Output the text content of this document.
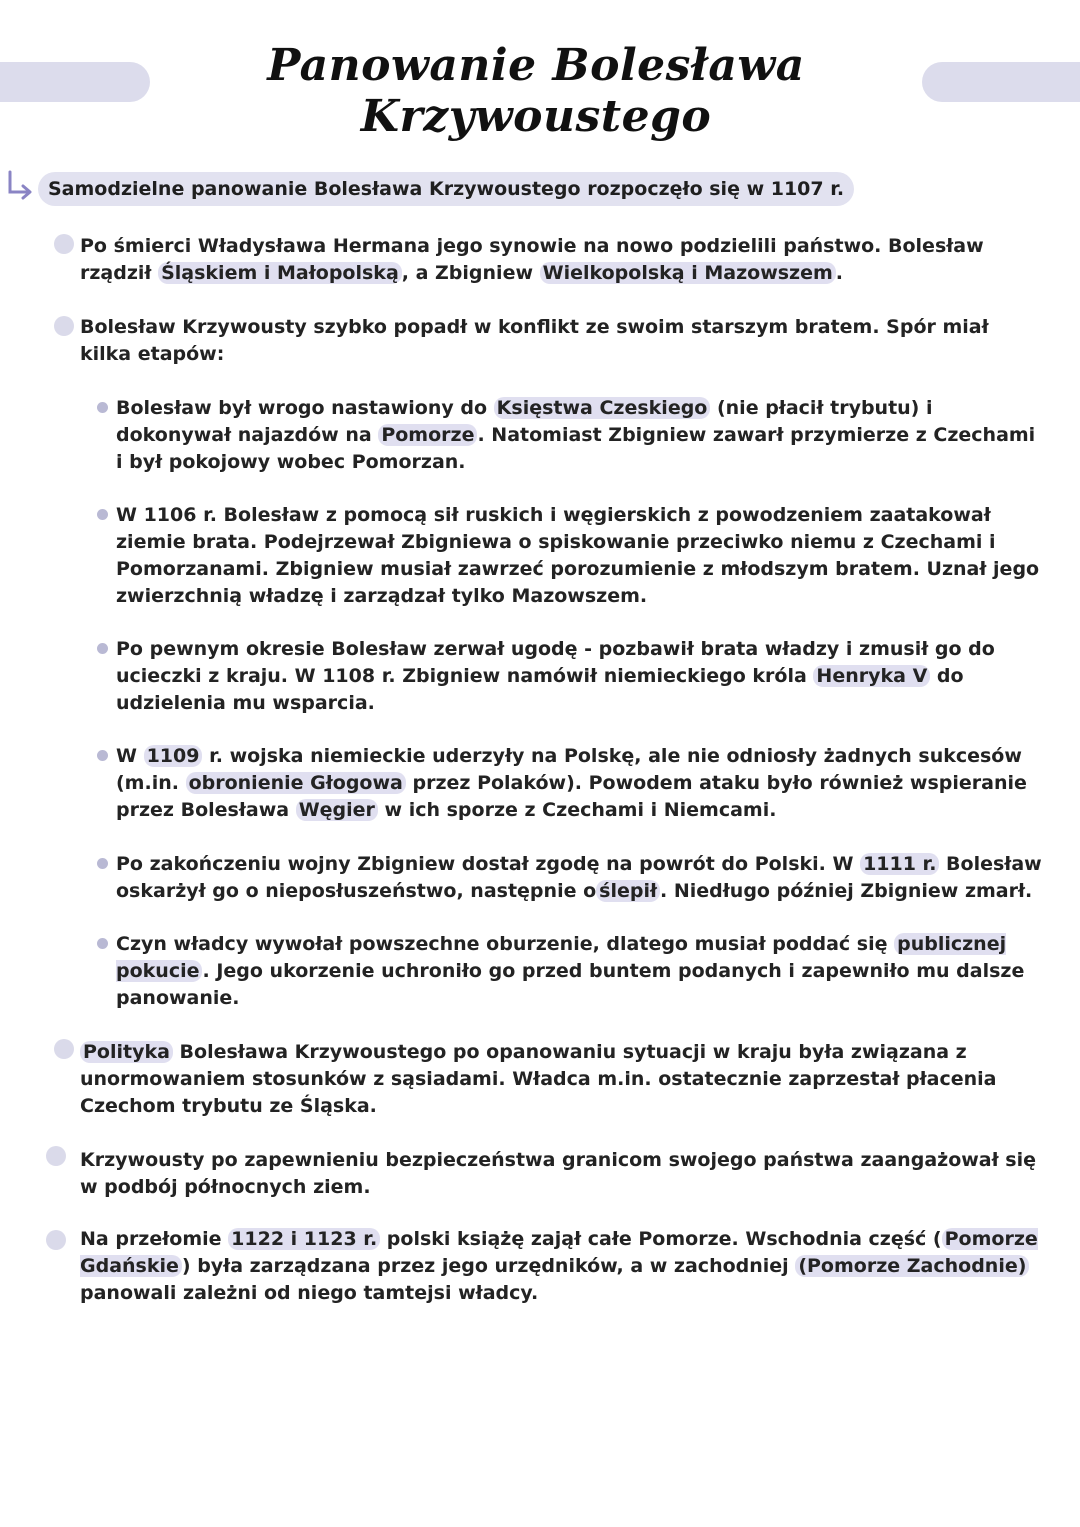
Panowanie Bolesława Krzywoustego
Samodzielne panowanie Bolesława Krzywoustego rozpoczęło się w 1107 r.
Po śmierci Władysława Hermana jego synowie na nowo podzielili państwo. Bolesław rządził Śląskiem i Małopolską , a Zbigniew Wielkopolską i Mazowszem .
Bolesław Krzywousty szybko popadł w konflikt ze swoim starszym bratem. Spór miał kilka etapów:
Bolesław był wrogo nastawiony do Księstwa Czeskiego (nie płacił trybutu) i dokonywał najazdów na Pomorze . Natomiast Zbigniew zawarł przymierze z Czechami i był pokojowy wobec Pomorzan.
W 1106 r. Bolesław z pomocą sił ruskich i węgierskich z powodzeniem zaatakował ziemie brata. Podejrzewał Zbigniewa o spiskowanie przeciwko niemu z Czechami i Pomorzanami. Zbigniew musiał zawrzeć porozumienie z młodszym bratem. Uznał jego zwierzchnią władzę i zarządzał tylko Mazowszem.
Po pewnym okresie Bolesław zerwał ugodę - pozbawił brata władzy i zmusił go do ucieczki z kraju. W 1108 r. Zbigniew namówił niemieckiego króla Henryka V do udzielenia mu wsparcia.
W 1109 r. wojska niemieckie uderzyły na Polskę, ale nie odniosły żadnych sukcesów (m.in. obronienie Głogowa przez Polaków). Powodem ataku było również wspieranie przez Bolesława Węgier w ich sporze z Czechami i Niemcami.
Po zakończeniu wojny Zbigniew dostał zgodę na powrót do Polski. W 1111 r. Bolesław oskarżył go o nieposłuszeństwo, następnie o ślepił . Niedługo później Zbigniew zmarł.
Czyn władcy wywołał powszechne oburzenie, dlatego musiał poddać się publicznej pokucie . Jego ukorzenie uchroniło go przed buntem podanych i zapewniło mu dalsze panowanie.
Polityka Bolesława Krzywoustego po opanowaniu sytuacji w kraju była związana z unormowaniem stosunków z sąsiadami. Władca m.in. ostatecznie zaprzestał płacenia Czechom trybutu ze Śląska.
Krzywousty po zapewnieniu bezpieczeństwa granicom swojego państwa zaangażował się w podbój północnych ziem.
Na przełomie 1122 i 1123 r. polski książę zajął całe Pomorze. Wschodnia część ( Pomorze Gdańskie ) była zarządzana przez jego urzędników, a w zachodniej (Pomorze Zachodnie) panowali zależni od niego tamtejsi władcy.
